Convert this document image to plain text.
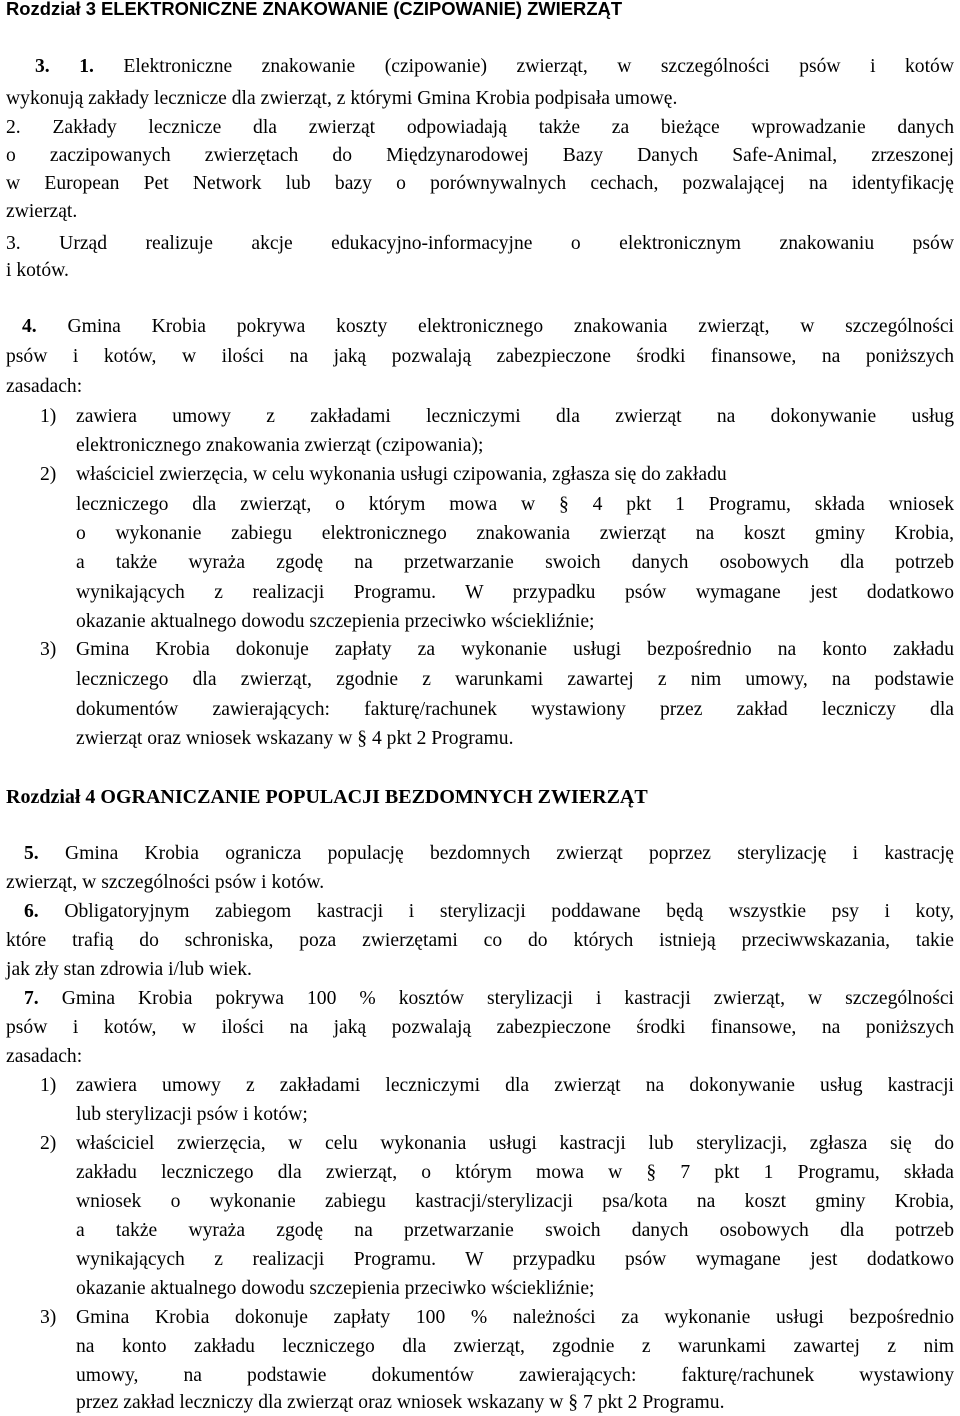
Rozdział 3 ELEKTRONICZNE ZNAKOWANIE (CZIPOWANIE) ZWIERZĄT
3. 1. Elektroniczne znakowanie (czipowanie) zwierząt, w szczególności psów i kotów
wykonują zakłady lecznicze dla zwierząt, z którymi Gmina Krobia podpisała umowę.
2. Zakłady lecznicze dla zwierząt odpowiadają także za bieżące wprowadzanie danych
o zaczipowanych zwierzętach do Międzynarodowej Bazy Danych Safe-Animal, zrzeszonej
w European Pet Network lub bazy o porównywalnych cechach, pozwalającej na identyfikację
zwierząt.
3. Urząd realizuje akcje edukacyjno-informacyjne o elektronicznym znakowaniu psów
i kotów.
4. Gmina Krobia pokrywa koszty elektronicznego znakowania zwierząt, w szczególności
psów i kotów, w ilości na jaką pozwalają zabezpieczone środki finansowe, na poniższych
zasadach:
1) zawiera umowy z zakładami leczniczymi dla zwierząt na dokonywanie usług
elektronicznego znakowania zwierząt (czipowania);
2) właściciel zwierzęcia, w celu wykonania usługi czipowania, zgłasza się do zakładu
leczniczego dla zwierząt, o którym mowa w § 4 pkt 1 Programu, składa wniosek
o wykonanie zabiegu elektronicznego znakowania zwierząt na koszt gminy Krobia,
a także wyraża zgodę na przetwarzanie swoich danych osobowych dla potrzeb
wynikających z realizacji Programu. W przypadku psów wymagane jest dodatkowo
okazanie aktualnego dowodu szczepienia przeciwko wściekliźnie;
3) Gmina Krobia dokonuje zapłaty za wykonanie usługi bezpośrednio na konto zakładu
leczniczego dla zwierząt, zgodnie z warunkami zawartej z nim umowy, na podstawie
dokumentów zawierających: fakturę/rachunek wystawiony przez zakład leczniczy dla
zwierząt oraz wniosek wskazany w § 4 pkt 2 Programu.
Rozdział 4 OGRANICZANIE POPULACJI BEZDOMNYCH ZWIERZĄT
5. Gmina Krobia ogranicza populację bezdomnych zwierząt poprzez sterylizację i kastrację
zwierząt, w szczególności psów i kotów.
6. Obligatoryjnym zabiegom kastracji i sterylizacji poddawane będą wszystkie psy i koty,
które trafią do schroniska, poza zwierzętami co do których istnieją przeciwwskazania, takie
jak zły stan zdrowia i/lub wiek.
7. Gmina Krobia pokrywa 100 % kosztów sterylizacji i kastracji zwierząt, w szczególności
psów i kotów, w ilości na jaką pozwalają zabezpieczone środki finansowe, na poniższych
zasadach:
1) zawiera umowy z zakładami leczniczymi dla zwierząt na dokonywanie usług kastracji
lub sterylizacji psów i kotów;
2) właściciel zwierzęcia, w celu wykonania usługi kastracji lub sterylizacji, zgłasza się do
zakładu leczniczego dla zwierząt, o którym mowa w § 7 pkt 1 Programu, składa
wniosek o wykonanie zabiegu kastracji/sterylizacji psa/kota na koszt gminy Krobia,
a także wyraża zgodę na przetwarzanie swoich danych osobowych dla potrzeb
wynikających z realizacji Programu. W przypadku psów wymagane jest dodatkowo
okazanie aktualnego dowodu szczepienia przeciwko wściekliźnie;
3) Gmina Krobia dokonuje zapłaty 100 % należności za wykonanie usługi bezpośrednio
na konto zakładu leczniczego dla zwierząt, zgodnie z warunkami zawartej z nim
umowy, na podstawie dokumentów zawierających: fakturę/rachunek wystawiony
przez zakład leczniczy dla zwierząt oraz wniosek wskazany w § 7 pkt 2 Programu.
